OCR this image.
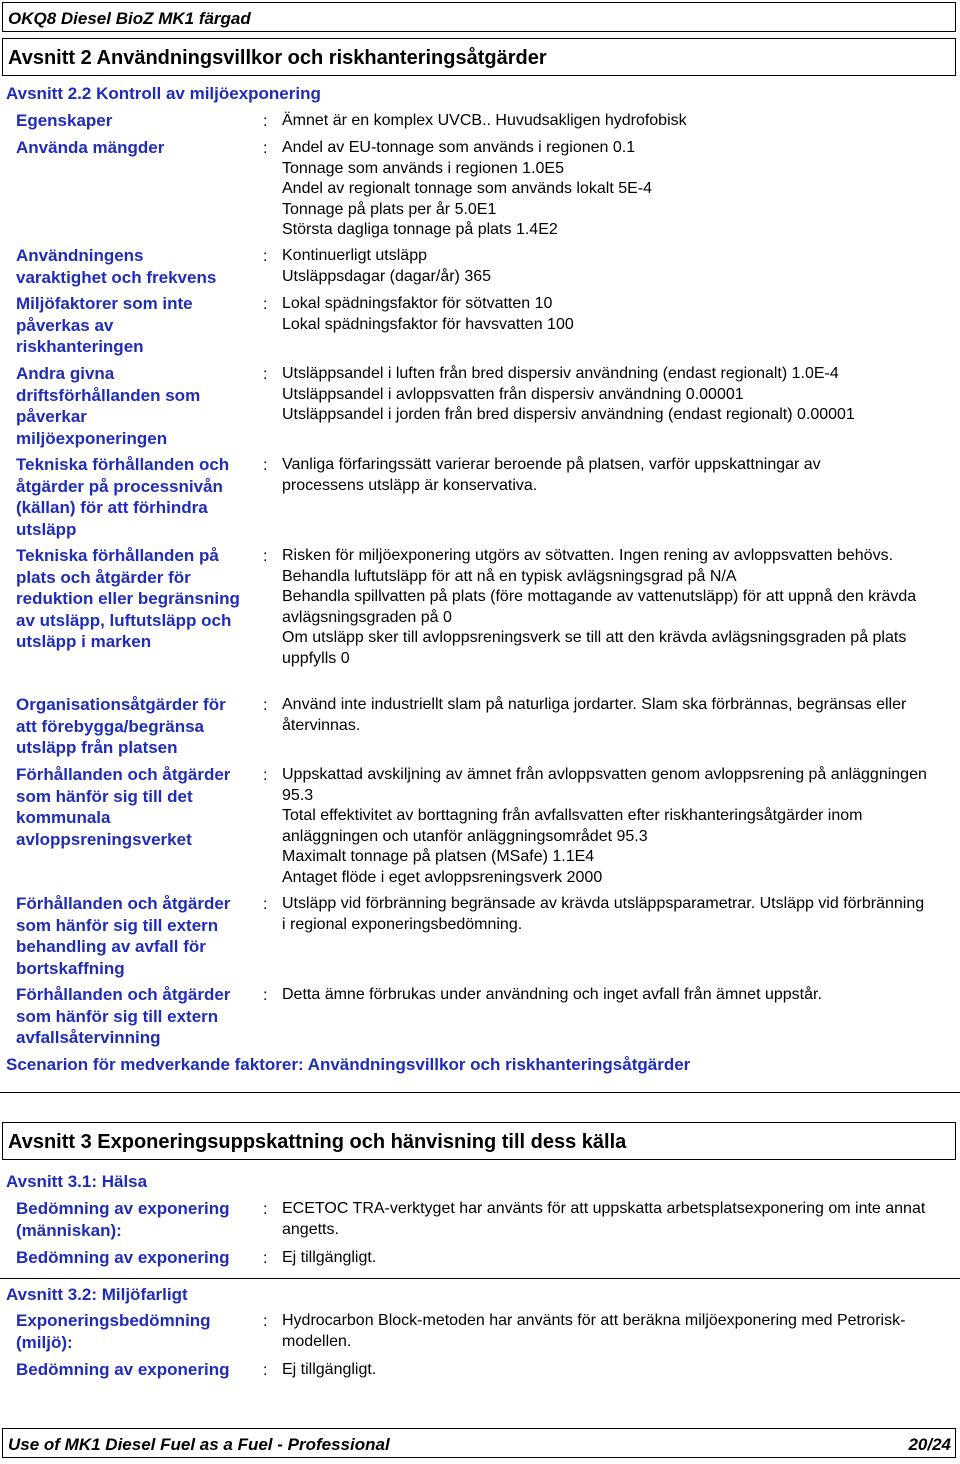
OKQ8 Diesel BioZ MK1 färgad
Avsnitt 2 Användningsvillkor och riskhanteringsåtgärder
Avsnitt 2.2 Kontroll av miljöexponering
Egenskaper	: Ämnet är en komplex UVCB.. Huvudsakligen hydrofobisk
Använda mängder	: Andel av EU-tonnage som används i regionen 0.1
Tonnage som används i regionen 1.0E5
Andel av regionalt tonnage som används lokalt 5E-4
Tonnage på plats per år 5.0E1
Största dagliga tonnage på plats 1.4E2
Användningens varaktighet och frekvens
: Kontinuerligt utsläpp
Utsläppsdagar (dagar/år) 365
Miljöfaktorer som inte påverkas av riskhanteringen
: Lokal spädningsfaktor för sötvatten 10
Lokal spädningsfaktor för havsvatten 100
Andra givna driftsförhållanden som påverkar miljöexponeringen
: Utsläppsandel i luften från bred dispersiv användning (endast regionalt) 1.0E-4
Utsläppsandel i avloppsvatten från dispersiv användning 0.00001
Utsläppsandel i jorden från bred dispersiv användning (endast regionalt) 0.00001
Tekniska förhållanden och åtgärder på processnivån (källan) för att förhindra utsläpp
: Vanliga förfaringssätt varierar beroende på platsen, varför uppskattningar av processens utsläpp är konservativa.
Tekniska förhållanden på plats och åtgärder för reduktion eller begränsning av utsläpp, luftutsläpp och utsläpp i marken
: Risken för miljöexponering utgörs av sötvatten. Ingen rening av avloppsvatten behövs.
Behandla luftutsläpp för att nå en typisk avlägsningsgrad på N/A
Behandla spillvatten på plats (före mottagande av vattenutsläpp) för att uppnå den krävda avlägsningsgraden på 0
Om utsläpp sker till avloppsreningsverk se till att den krävda avlägsningsgraden på plats uppfylls 0
Organisationsåtgärder för att förebygga/begränsa utsläpp från platsen
: Använd inte industriellt slam på naturliga jordarter. Slam ska förbrännas, begränsas eller återvinnas.
Förhållanden och åtgärder som hänför sig till det kommunala avloppsreningsverket
: Uppskattad avskiljning av ämnet från avloppsvatten genom avloppsrening på anläggningen 95.3
Total effektivitet av borttagning från avfallsvatten efter riskhanteringsåtgärder inom anläggningen och utanför anläggningsområdet 95.3
Maximalt tonnage på platsen (MSafe) 1.1E4
Antaget flöde i eget avloppsreningsverk 2000
Förhållanden och åtgärder som hänför sig till extern behandling av avfall för bortskaffning
: Utsläpp vid förbränning begränsade av krävda utsläppsparametrar. Utsläpp vid förbränning i regional exponeringsbedömning.
Förhållanden och åtgärder som hänför sig till extern avfallsåtervinning
: Detta ämne förbrukas under användning och inget avfall från ämnet uppstår.
Scenarion för medverkande faktorer: Användningsvillkor och riskhanteringsåtgärder
Avsnitt 3 Exponeringsuppskattning och hänvisning till dess källa
Avsnitt 3.1: Hälsa
Bedömning av exponering (människan):
: ECETOC TRA-verktyget har använts för att uppskatta arbetsplatsexponering om inte annat angetts.
Bedömning av exponering	: Ej tillgängligt.
Avsnitt 3.2: Miljöfarligt
Exponeringsbedömning (miljö):
: Hydrocarbon Block-metoden har använts för att beräkna miljöexponering med Petrorisk-modellen.
Bedömning av exponering	: Ej tillgängligt.
Use of MK1 Diesel Fuel as a Fuel - Professional	20/24
